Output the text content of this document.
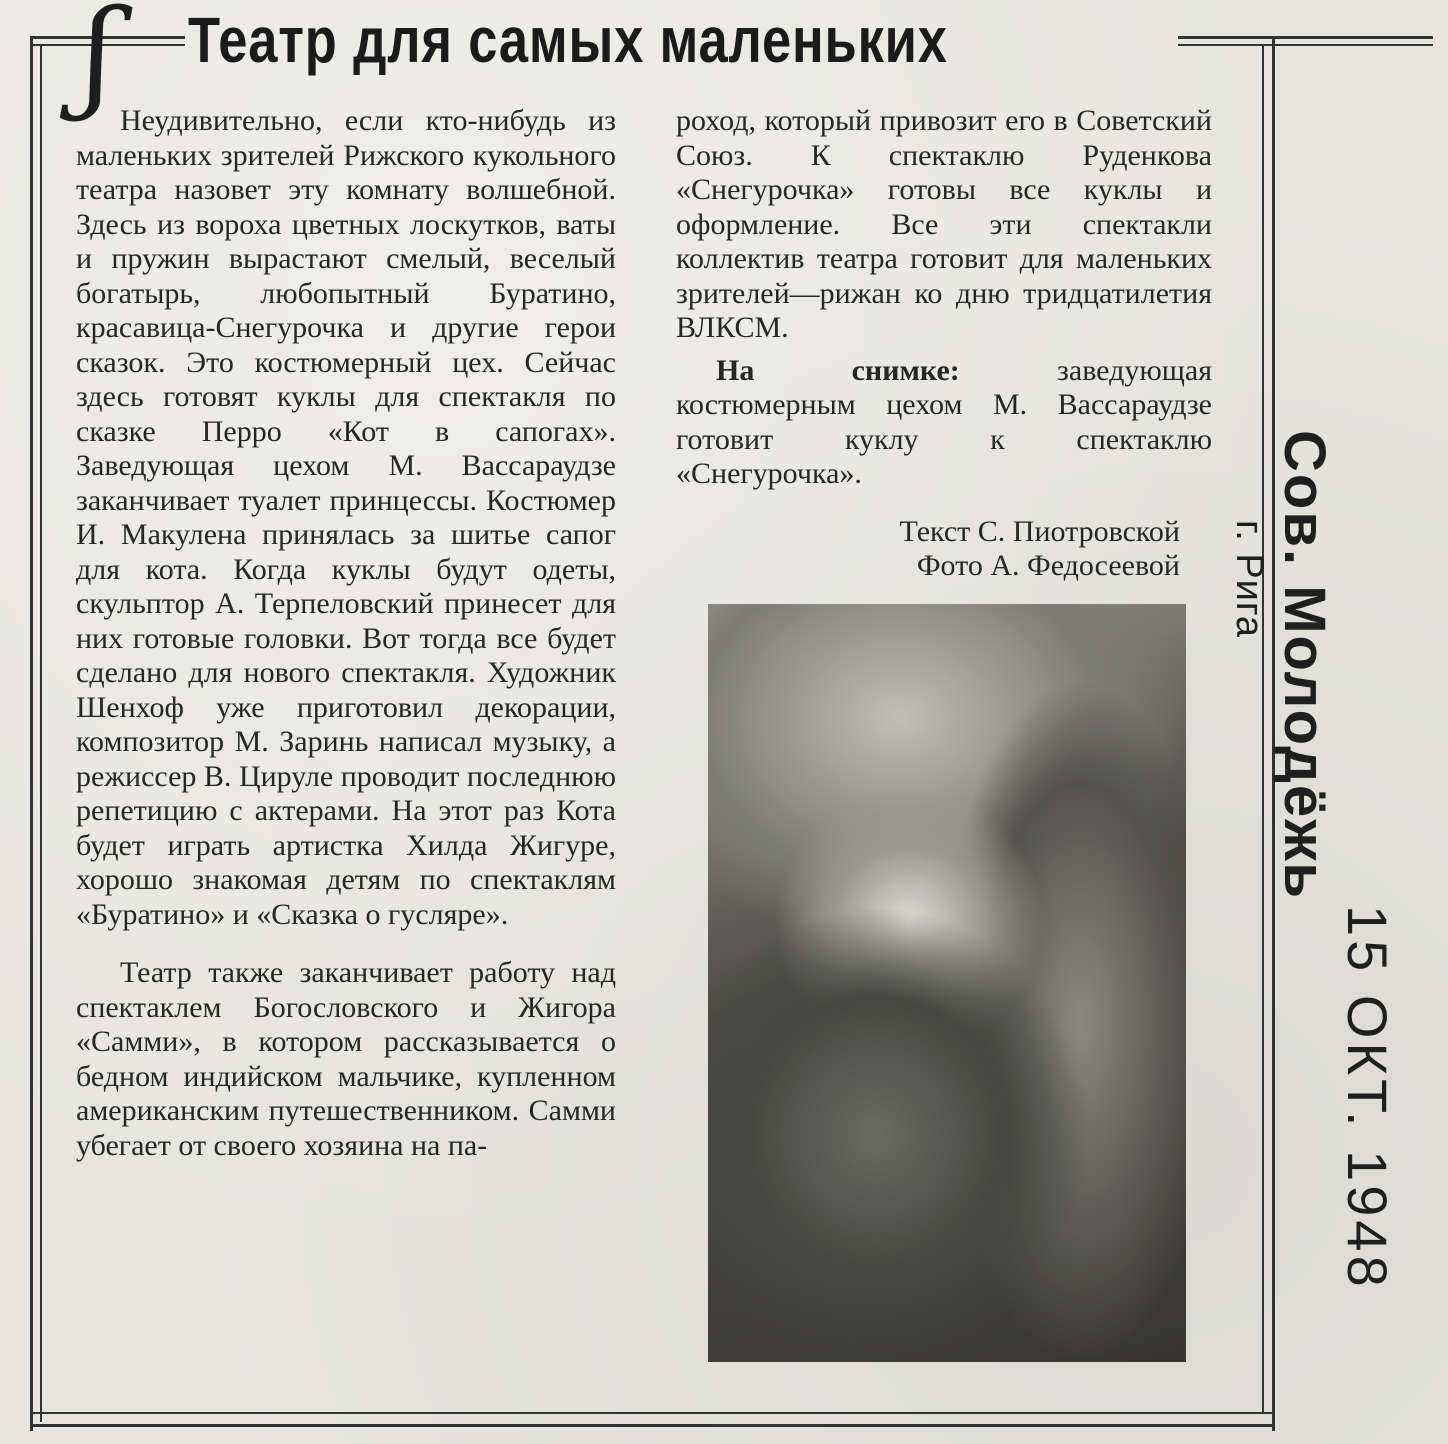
ʃ	Театр для самых маленьких

Неудивительно, если кто-нибудь из маленьких зрителей Рижского кукольного театра назовет эту комнату волшебной. Здесь из вороха цветных лоскутков, ваты и пружин вырастают смелый, веселый богатырь, любопытный Буратино, красавица-Снегурочка и другие герои сказок. Это костюмерный цех. Сейчас здесь готовят куклы для спектакля по сказке Перро «Кот в сапогах». Заведующая цехом М. Вассараудзе заканчивает туалет принцессы. Костюмер И. Макулена принялась за шитье сапог для кота. Когда куклы будут одеты, скульптор А. Терпеловский принесет для них готовые головки. Вот тогда все будет сделано для нового спектакля. Художник Шенхоф уже приготовил декорации, композитор М. Заринь написал музыку, а режиссер В. Цируле проводит последнюю репетицию с актерами. На этот раз Кота будет играть артистка Хилда Жигуре, хорошо знакомая детям по спектаклям «Буратино» и «Сказка о гусляре».

Театр также заканчивает работу над спектаклем Богословского и Жигора «Самми», в котором рассказывается о бедном индийском мальчике, купленном американским путешественником. Самми убегает от своего хозяина на па-

роход, который привозит его в Советский Союз. К спектаклю Руденкова «Снегурочка» готовы все куклы и оформление. Все эти спектакли коллектив театра готовит для маленьких зрителей—рижан ко дню тридцатилетия ВЛКСМ.

На снимке:	заведующая костюмерным цехом М. Вассараудзе готовит куклу к спектаклю «Снегурочка».

Текст С. Пиотровской
Фото А. Федосеевой Сов. Молодёжь
г. Рига
15 ОКТ. 1948
